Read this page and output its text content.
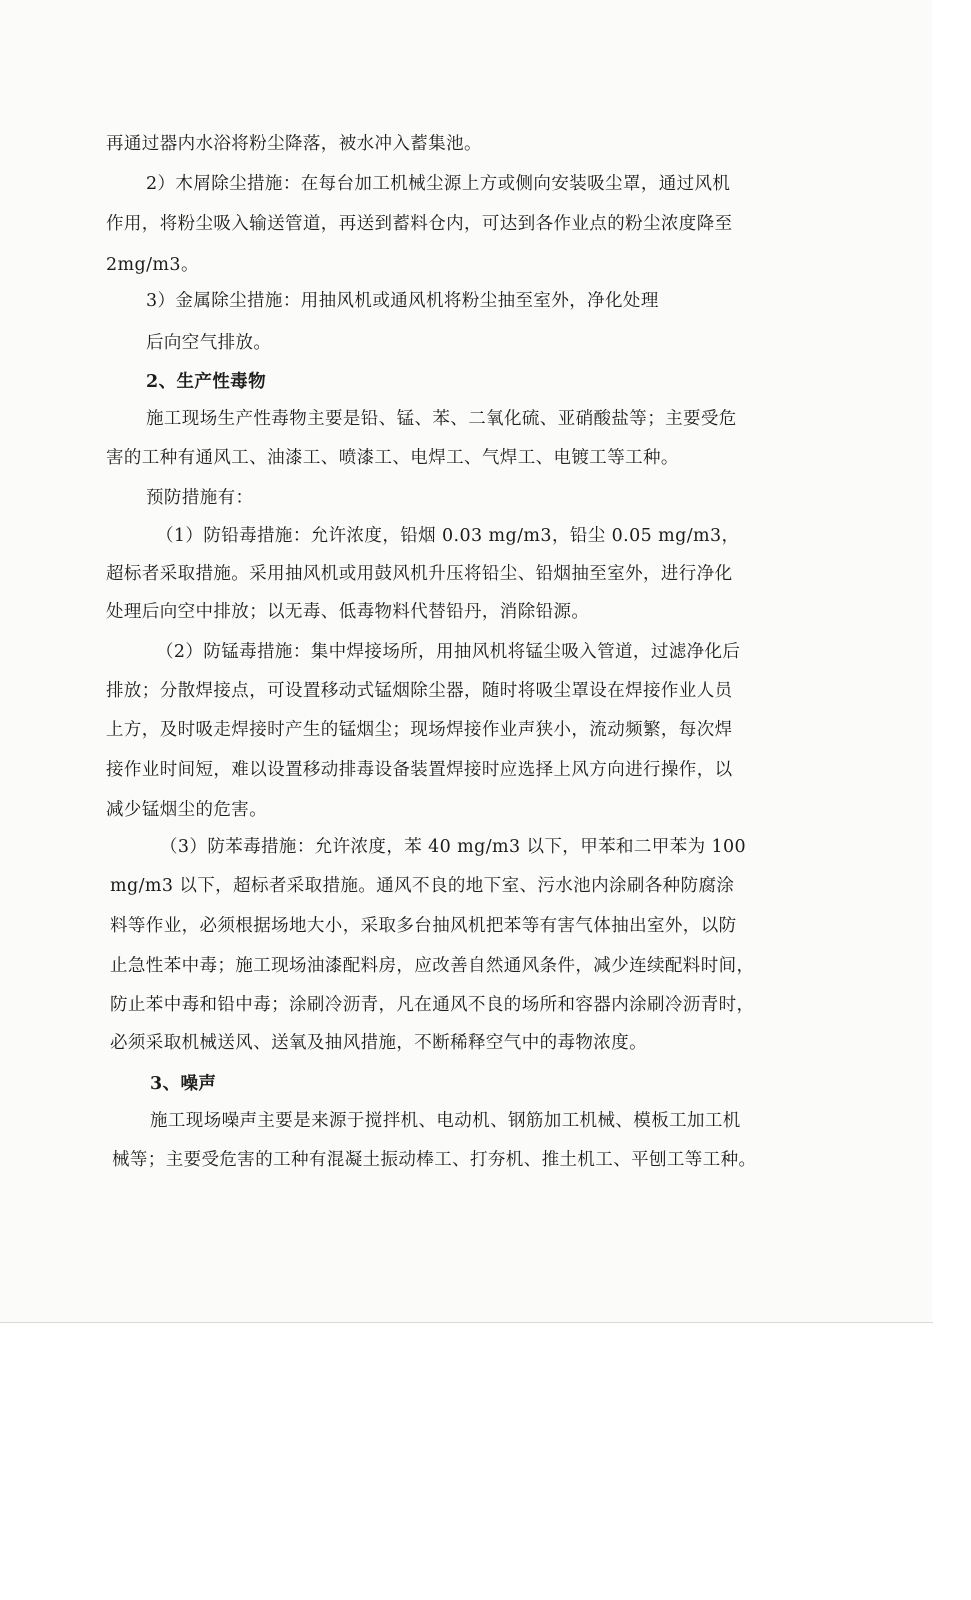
再通过器内水浴将粉尘降落，被水冲入蓄集池。
2）木屑除尘措施：在每台加工机械尘源上方或侧向安装吸尘罩，通过风机
作用，将粉尘吸入输送管道，再送到蓄料仓内，可达到各作业点的粉尘浓度降至
2mg/m3。
3）金属除尘措施：用抽风机或通风机将粉尘抽至室外，净化处理
后向空气排放。
2、生产性毒物
施工现场生产性毒物主要是铅、锰、苯、二氧化硫、亚硝酸盐等；主要受危
害的工种有通风工、油漆工、喷漆工、电焊工、气焊工、电镀工等工种。
预防措施有：
（1）防铅毒措施：允许浓度，铅烟 0.03 mg/m3，铅尘 0.05 mg/m3，
超标者采取措施。采用抽风机或用鼓风机升压将铅尘、铅烟抽至室外，进行净化
处理后向空中排放；以无毒、低毒物料代替铅丹，消除铅源。
（2）防锰毒措施：集中焊接场所，用抽风机将锰尘吸入管道，过滤净化后
排放；分散焊接点，可设置移动式锰烟除尘器，随时将吸尘罩设在焊接作业人员
上方，及时吸走焊接时产生的锰烟尘；现场焊接作业声狭小，流动频繁，每次焊
接作业时间短，难以设置移动排毒设备装置焊接时应选择上风方向进行操作，以
减少锰烟尘的危害。
（3）防苯毒措施：允许浓度，苯 40 mg/m3 以下，甲苯和二甲苯为 100
mg/m3 以下，超标者采取措施。通风不良的地下室、污水池内涂刷各种防腐涂
料等作业，必须根据场地大小，采取多台抽风机把苯等有害气体抽出室外，以防
止急性苯中毒；施工现场油漆配料房，应改善自然通风条件，减少连续配料时间，
防止苯中毒和铅中毒；涂刷冷沥青，凡在通风不良的场所和容器内涂刷冷沥青时，
必须采取机械送风、送氧及抽风措施，不断稀释空气中的毒物浓度。
3、噪声
施工现场噪声主要是来源于搅拌机、电动机、钢筋加工机械、模板工加工机
械等；主要受危害的工种有混凝土振动棒工、打夯机、推土机工、平刨工等工种。
